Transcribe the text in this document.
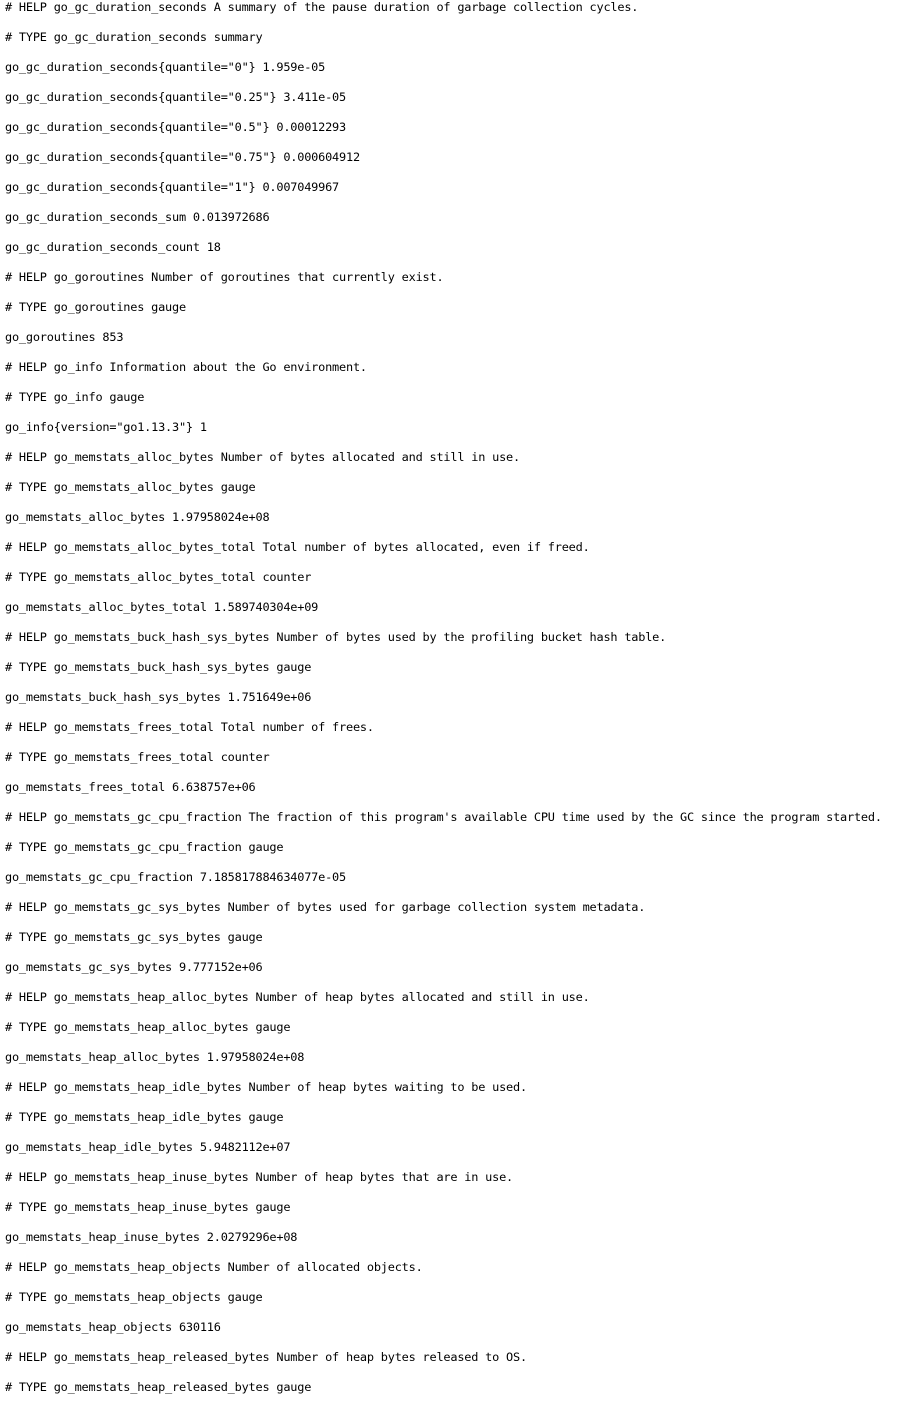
# HELP go_gc_duration_seconds A summary of the pause duration of garbage collection cycles.

# TYPE go_gc_duration_seconds summary

go_gc_duration_seconds{quantile="0"} 1.959e-05

go_gc_duration_seconds{quantile="0.25"} 3.411e-05

go_gc_duration_seconds{quantile="0.5"} 0.00012293

go_gc_duration_seconds{quantile="0.75"} 0.000604912

go_gc_duration_seconds{quantile="1"} 0.007049967

go_gc_duration_seconds_sum 0.013972686

go_gc_duration_seconds_count 18

# HELP go_goroutines Number of goroutines that currently exist.

# TYPE go_goroutines gauge

go_goroutines 853

# HELP go_info Information about the Go environment.

# TYPE go_info gauge

go_info{version="go1.13.3"} 1

# HELP go_memstats_alloc_bytes Number of bytes allocated and still in use.

# TYPE go_memstats_alloc_bytes gauge

go_memstats_alloc_bytes 1.97958024e+08

# HELP go_memstats_alloc_bytes_total Total number of bytes allocated, even if freed.

# TYPE go_memstats_alloc_bytes_total counter

go_memstats_alloc_bytes_total 1.589740304e+09

# HELP go_memstats_buck_hash_sys_bytes Number of bytes used by the profiling bucket hash table.

# TYPE go_memstats_buck_hash_sys_bytes gauge

go_memstats_buck_hash_sys_bytes 1.751649e+06

# HELP go_memstats_frees_total Total number of frees.

# TYPE go_memstats_frees_total counter

go_memstats_frees_total 6.638757e+06

# HELP go_memstats_gc_cpu_fraction The fraction of this program's available CPU time used by the GC since the program started.

# TYPE go_memstats_gc_cpu_fraction gauge

go_memstats_gc_cpu_fraction 7.185817884634077e-05

# HELP go_memstats_gc_sys_bytes Number of bytes used for garbage collection system metadata.

# TYPE go_memstats_gc_sys_bytes gauge

go_memstats_gc_sys_bytes 9.777152e+06

# HELP go_memstats_heap_alloc_bytes Number of heap bytes allocated and still in use.

# TYPE go_memstats_heap_alloc_bytes gauge

go_memstats_heap_alloc_bytes 1.97958024e+08

# HELP go_memstats_heap_idle_bytes Number of heap bytes waiting to be used.

# TYPE go_memstats_heap_idle_bytes gauge

go_memstats_heap_idle_bytes 5.9482112e+07

# HELP go_memstats_heap_inuse_bytes Number of heap bytes that are in use.

# TYPE go_memstats_heap_inuse_bytes gauge

go_memstats_heap_inuse_bytes 2.0279296e+08

# HELP go_memstats_heap_objects Number of allocated objects.

# TYPE go_memstats_heap_objects gauge

go_memstats_heap_objects 630116

# HELP go_memstats_heap_released_bytes Number of heap bytes released to OS.

# TYPE go_memstats_heap_released_bytes gauge
